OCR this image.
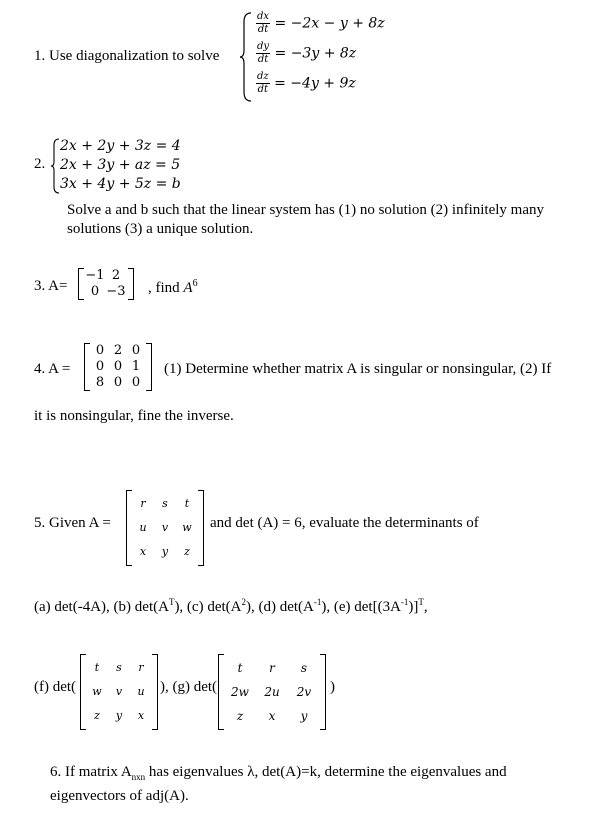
1. Use diagonalization to solve
$\frac{dx}{dt} = -2x - y + 8z$
$\frac{dy}{dt} = -3y + 8z$
$\frac{dz}{dt} = -4y + 9z$
2.
2x + 2y + 3z = 4
2x + 3y + az = 5
3x + 4y + 5z = b
Solve a and b such that the linear system has (1) no solution (2) infinitely many
solutions (3) a unique solution.
3. A=
−1	2
0	−3 , find $A^6$
4. A =
0	2	0
0	0	1
8	0	0
(1) Determine whether matrix A is singular or nonsingular, (2) If
it is nonsingular, fine the inverse.
5. Given A =
r	s	t
u	v	w
x	y	z
and det (A) = 6, evaluate the determinants of
(a) det(-4A), (b) $\det(A^T)$, (c) $\det(A^2)$, (d) $\det(A^{-1})$, (e) $\det[(3A^{-1})]^T$,
(f) det(
t	s	r
w	v	u
z	y	x
), (g) det(
t	r	s
2w	2u	2v
z	x	y
)
6. If matrix $A_{nxn}$ has eigenvalues λ, det(A)=k, determine the eigenvalues and
eigenvectors of adj(A).
